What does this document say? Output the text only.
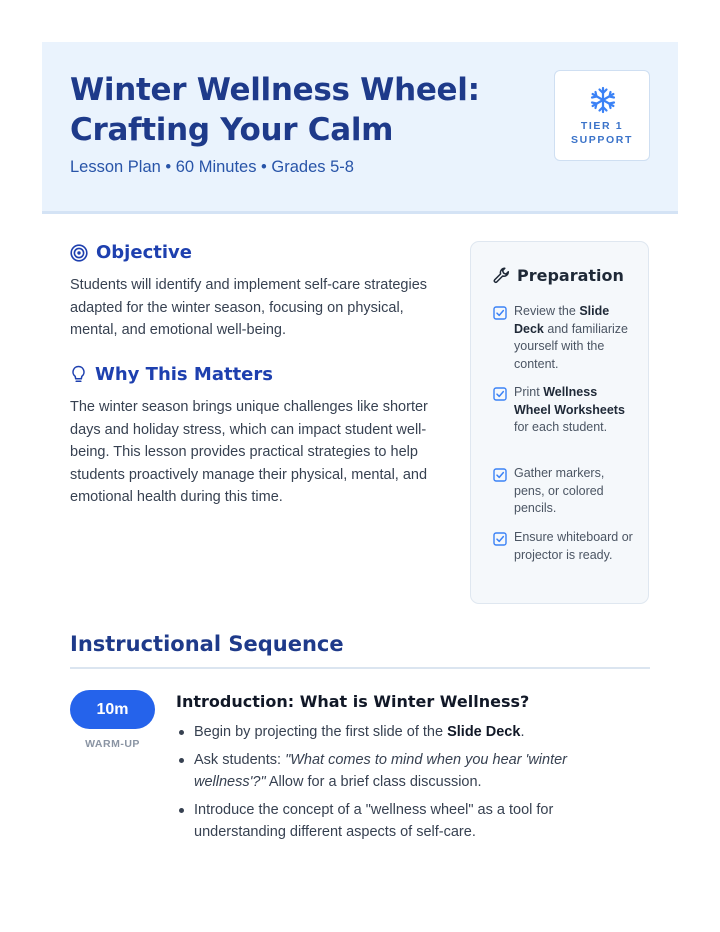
Winter Wellness Wheel:
Crafting Your Calm
Lesson Plan • 60 Minutes • Grades 5-8
TIER 1
SUPPORT
Objective
Students will identify and implement self-care strategies adapted for the winter season, focusing on physical, mental, and emotional well-being.
Why This Matters
The winter season brings unique challenges like shorter days and holiday stress, which can impact student well-being. This lesson provides practical strategies to help students proactively manage their physical, mental, and emotional health during this time.
Preparation
Review the Slide Deck and familiarize yourself with the content.
Print Wellness Wheel Worksheets for each student.
Gather markers, pens, or colored pencils.
Ensure whiteboard or projector is ready.
Instructional Sequence
10m
WARM-UP
Introduction: What is Winter Wellness?
Begin by projecting the first slide of the Slide Deck.
Ask students: "What comes to mind when you hear 'winter wellness'?" Allow for a brief class discussion.
Introduce the concept of a "wellness wheel" as a tool for understanding different aspects of self-care.
